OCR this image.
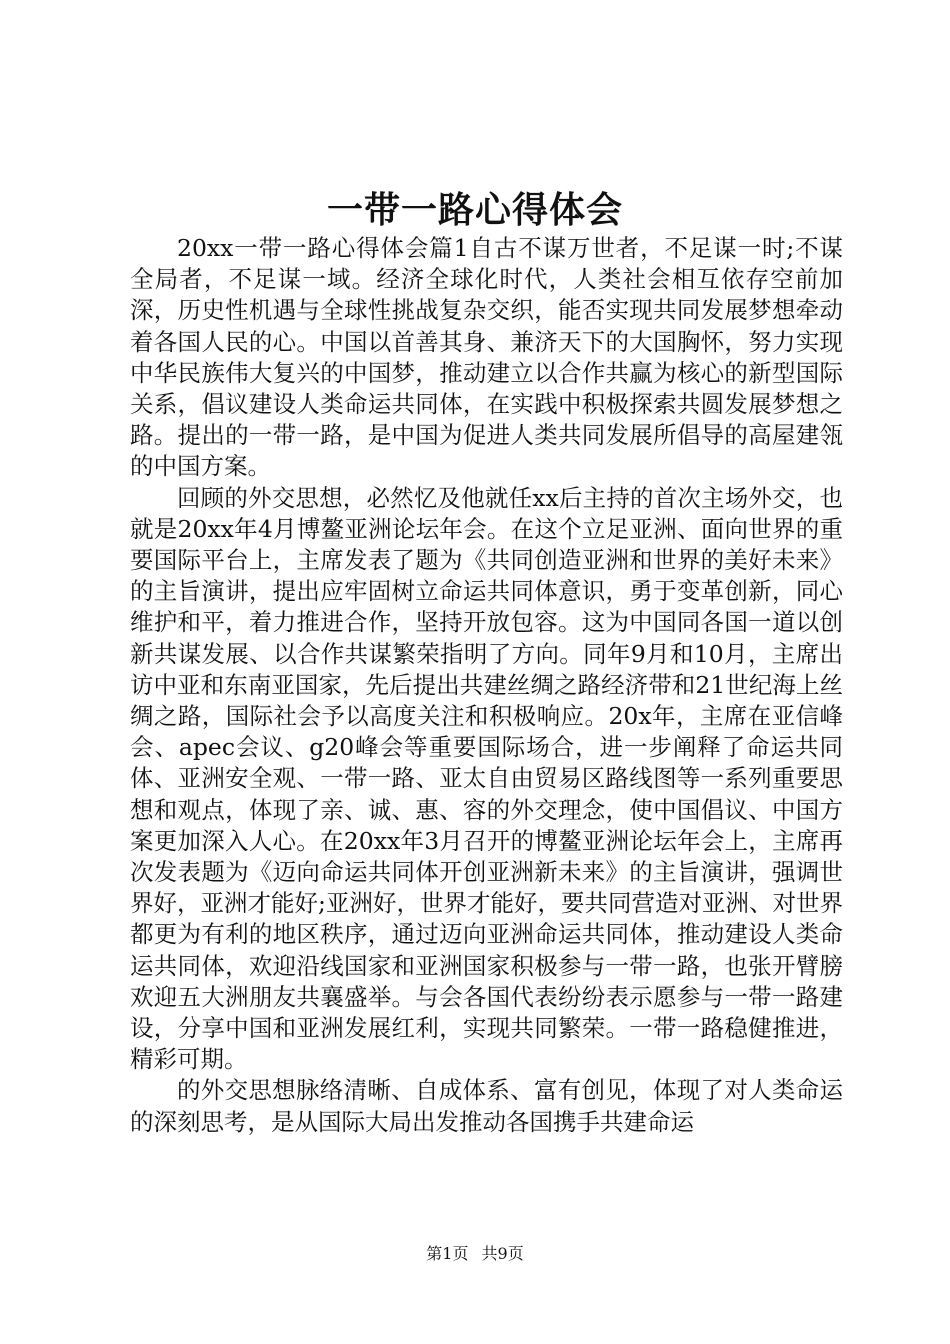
一带一路心得体会

20xx一带一路心得体会篇1自古不谋万世者，不足谋一时;不谋全局者，不足谋一域。经济全球化时代，人类社会相互依存空前加深，历史性机遇与全球性挑战复杂交织，能否实现共同发展梦想牵动着各国人民的心。中国以首善其身、兼济天下的大国胸怀，努力实现中华民族伟大复兴的中国梦，推动建立以合作共赢为核心的新型国际关系，倡议建设人类命运共同体，在实践中积极探索共圆发展梦想之路。提出的一带一路，是中国为促进人类共同发展所倡导的高屋建瓴的中国方案。

回顾的外交思想，必然忆及他就任xx后主持的首次主场外交，也就是20xx年4月博鳌亚洲论坛年会。在这个立足亚洲、面向世界的重要国际平台上，主席发表了题为《共同创造亚洲和世界的美好未来》的主旨演讲，提出应牢固树立命运共同体意识，勇于变革创新，同心维护和平，着力推进合作，坚持开放包容。这为中国同各国一道以创新共谋发展、以合作共谋繁荣指明了方向。同年9月和10月，主席出访中亚和东南亚国家，先后提出共建丝绸之路经济带和21世纪海上丝绸之路，国际社会予以高度关注和积极响应。20x年，主席在亚信峰会、apec会议、g20峰会等重要国际场合，进一步阐释了命运共同体、亚洲安全观、一带一路、亚太自由贸易区路线图等一系列重要思想和观点，体现了亲、诚、惠、容的外交理念，使中国倡议、中国方案更加深入人心。在20xx年3月召开的博鳌亚洲论坛年会上，主席再次发表题为《迈向命运共同体开创亚洲新未来》的主旨演讲，强调世界好，亚洲才能好;亚洲好，世界才能好，要共同营造对亚洲、对世界都更为有利的地区秩序，通过迈向亚洲命运共同体，推动建设人类命运共同体，欢迎沿线国家和亚洲国家积极参与一带一路，也张开臂膀欢迎五大洲朋友共襄盛举。与会各国代表纷纷表示愿参与一带一路建设，分享中国和亚洲发展红利，实现共同繁荣。一带一路稳健推进，精彩可期。

的外交思想脉络清晰、自成体系、富有创见，体现了对人类命运的深刻思考，是从国际大局出发推动各国携手共建命运

第1页 共9页
